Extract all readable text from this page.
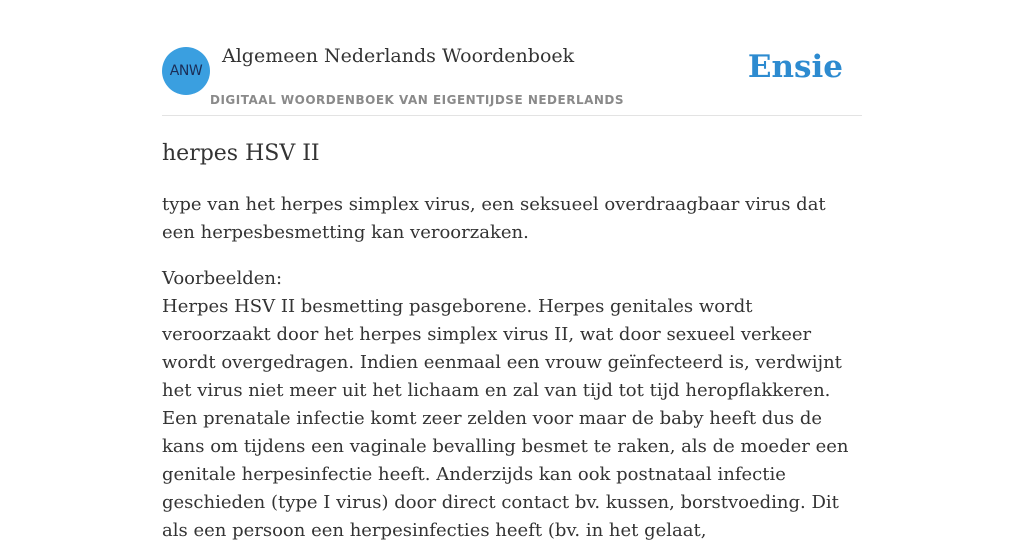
ANW
Algemeen Nederlands Woordenboek
DIGITAAL WOORDENBOEK VAN EIGENTIJDSE NEDERLANDS
Ensie
herpes HSV II

type van het herpes simplex virus, een seksueel overdraagbaar virus dat een herpesbesmetting kan veroorzaken.

Voorbeelden:
Herpes HSV II besmetting pasgeborene. Herpes genitales wordt veroorzaakt door het herpes simplex virus II, wat door sexueel verkeer wordt overgedragen. Indien eenmaal een vrouw geïnfecteerd is, verdwijnt het virus niet meer uit het lichaam en zal van tijd tot tijd heropflakkeren. Een prenatale infectie komt zeer zelden voor maar de baby heeft dus de kans om tijdens een vaginale bevalling besmet te raken, als de moeder een genitale herpesinfectie heeft. Anderzijds kan ook postnataal infectie geschieden (type I virus) door direct contact bv. kussen, borstvoeding. Dit als een persoon een herpesinfecties heeft (bv. in het gelaat,
